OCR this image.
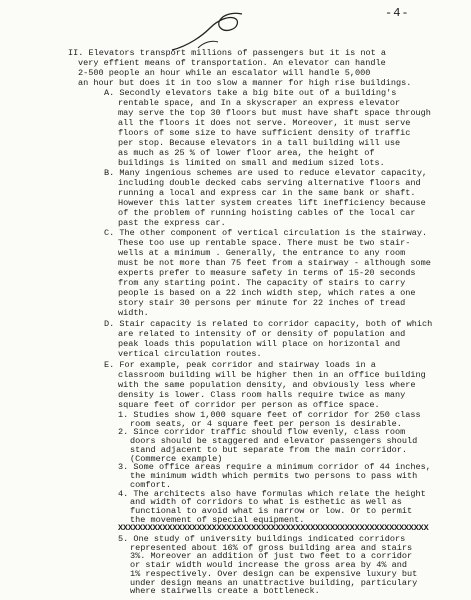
-4-
II. Elevators transport millions of passengers but it is not a
very effient means of transportation. An elevator can handle
2-500 people an hour while an escalator will handle 5,000
an hour but does it in too slow a manner for high rise buildings.
A. Secondly elevators take a big bite out of a building's
rentable space, and In a skyscraper an express elevator
may serve the top 30 floors but must have shaft space through
all the floors it does not serve. Moreover, it must serve
floors of some size to have sufficient density of traffic
per stop. Because elevators in a tall building will use
as much as 25 % of lower floor area, the height of
buildings is limited on small and medium sized lots.
B. Many ingenious schemes are used to reduce elevator capacity,
including double decked cabs serving alternative floors and
running a local and express car in the same bank or shaft.
However this latter system creates lift inefficiency because
of the problem of running hoisting cables of the local car
past the express car.
C. The other component of vertical circulation is the stairway.
These too use up rentable space. There must be two stair-
wells at a minimum . Generally, the entrance to any room
must be not more than 75 feet from a stairway - although some
experts prefer to measure safety in terms of 15-20 seconds
from any starting point. The capacity of stairs to carry
people is based on a 22 inch width step, which rates a one
story stair 30 persons per minute for 22 inches of tread
width.
D. Stair capacity is related to corridor capacity, both of which
are related to intensity of or density of population and
peak loads this population will place on horizontal and
vertical circulation routes.
E. For example, peak corridor and stairway loads in a
classroom building will be higher then in an office building
with the same population density, and obviously less where
density is lower. Class room halls require twice as many
square feet of corridor per person as office space.
1. Studies show 1,000 square feet of corridor for 250 class
room seats, or 4 square feet per person is desirable.
2. Since corridor traffic should flow evenly, class room
doors should be staggered and elevator passengers should
stand adjacent to but separate from the main corridor.
(Commerce example)
3. Some office areas require a minimum corridor of 44 inches,
the minimum width which permits two persons to pass with
comfort.
4. The architects also have formulas which relate the height
and width of corridors to what is esthetic as well as
functional to avoid what is narrow or low. Or to permit
the movement of special equipment.
XXXXXXXXXXXXXXXXXXXXXXXXXXXXXXXXXXXXXXXXXXXXXXXXXXXXXXXXXXXXXXX
5. One study of university buildings indicated corridors
represented about 16% of gross building area and stairs
3%. Moreover an addition of just two feet to a corridor
or stair width would increase the gross area by 4% and
1% respectively. Over design can be expensive luxury but
under design means an unattractive building, particulary
where stairwells create a bottleneck.
